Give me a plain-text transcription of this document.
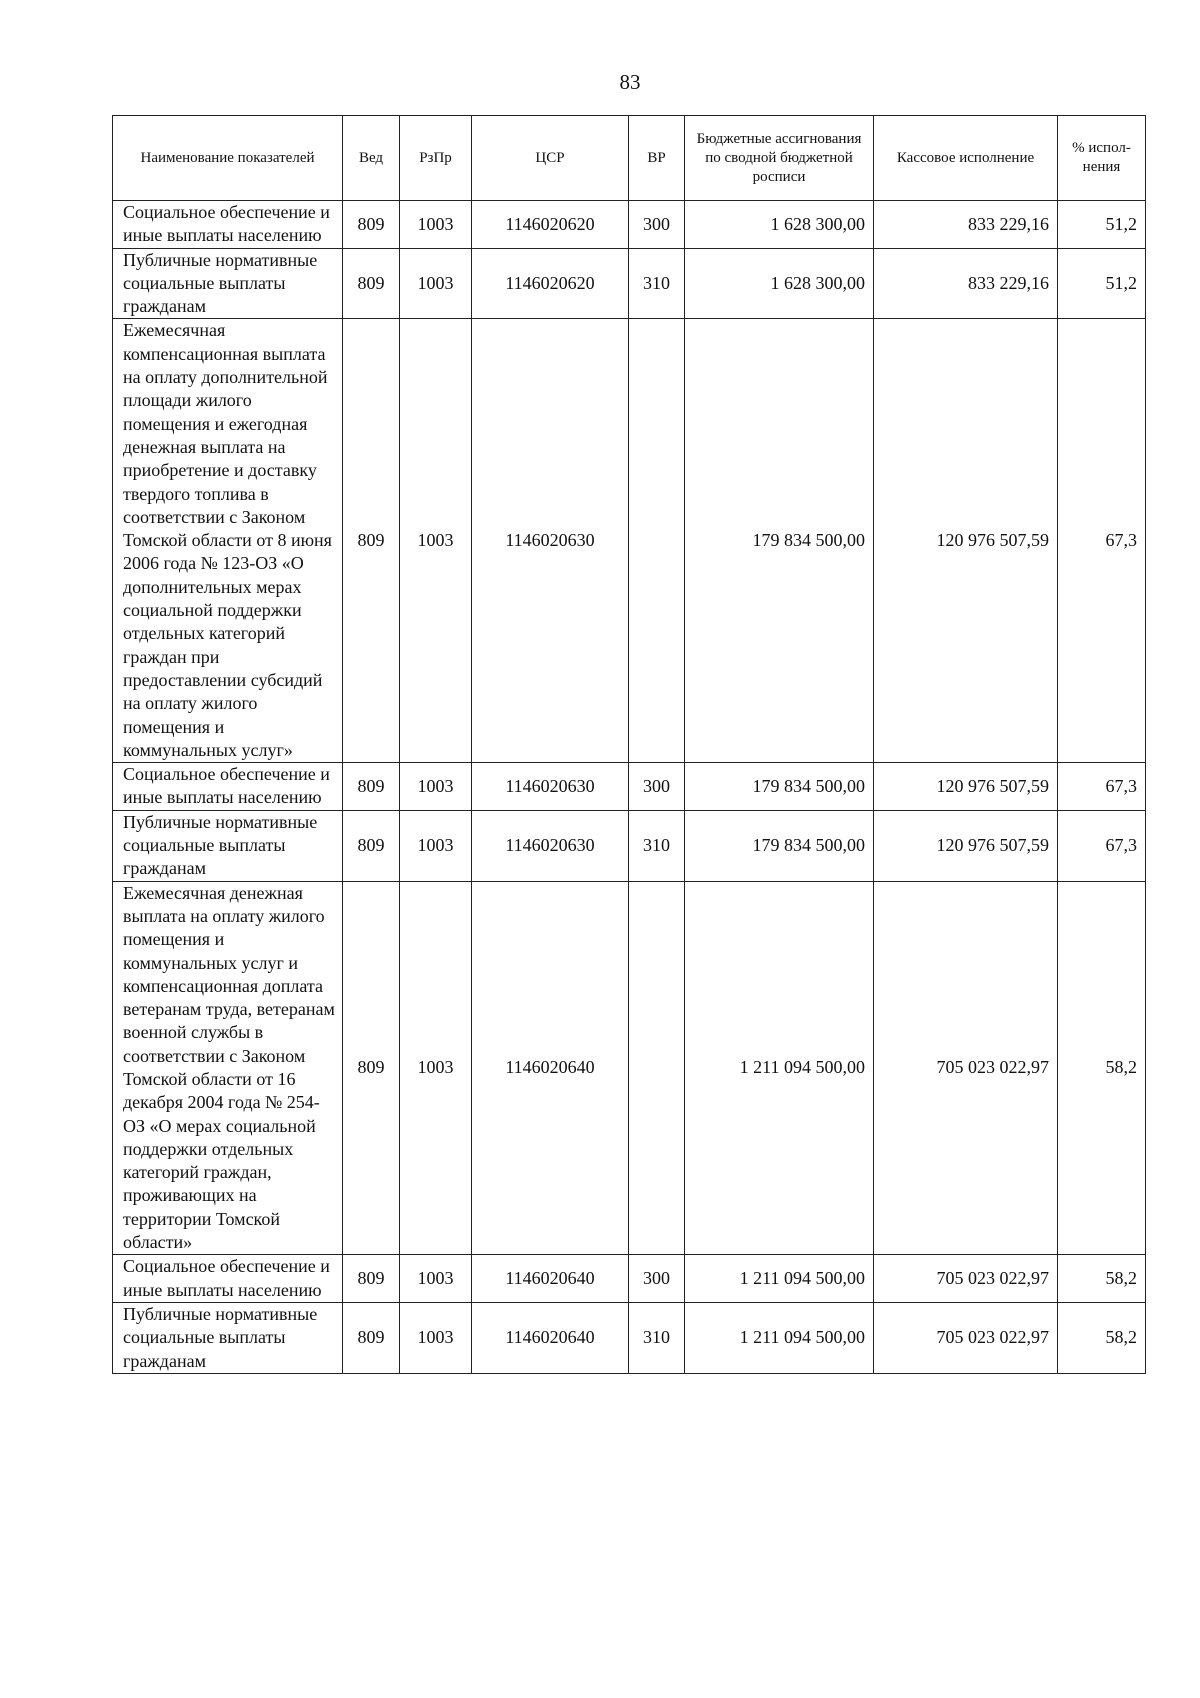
83
Наименование показателей	Вед	РзПр	ЦСР	ВР	Бюджетные ассигнования по сводной бюджетной росписи	Кассовое исполнение	% испол-нения
Социальное обеспечение и иные выплаты населению	809	1003	1146020620	300	1 628 300,00	833 229,16	51,2
Публичные нормативные социальные выплаты гражданам	809	1003	1146020620	310	1 628 300,00	833 229,16	51,2
Ежемесячная компенсационная выплата на оплату дополнительной площади жилого помещения и ежегодная денежная выплата на приобретение и доставку твердого топлива в соответствии с Законом Томской области от 8 июня 2006 года № 123-ОЗ «О дополнительных мерах социальной поддержки отдельных категорий граждан при предоставлении субсидий на оплату жилого помещения и коммунальных услуг»	809	1003	1146020630		179 834 500,00	120 976 507,59	67,3
Социальное обеспечение и иные выплаты населению	809	1003	1146020630	300	179 834 500,00	120 976 507,59	67,3
Публичные нормативные социальные выплаты гражданам	809	1003	1146020630	310	179 834 500,00	120 976 507,59	67,3
Ежемесячная денежная выплата на оплату жилого помещения и коммунальных услуг и компенсационная доплата ветеранам труда, ветеранам военной службы в соответствии с Законом Томской области от 16 декабря 2004 года № 254-ОЗ «О мерах социальной поддержки отдельных категорий граждан, проживающих на территории Томской области»	809	1003	1146020640		1 211 094 500,00	705 023 022,97	58,2
Социальное обеспечение и иные выплаты населению	809	1003	1146020640	300	1 211 094 500,00	705 023 022,97	58,2
Публичные нормативные социальные выплаты гражданам	809	1003	1146020640	310	1 211 094 500,00	705 023 022,97	58,2
